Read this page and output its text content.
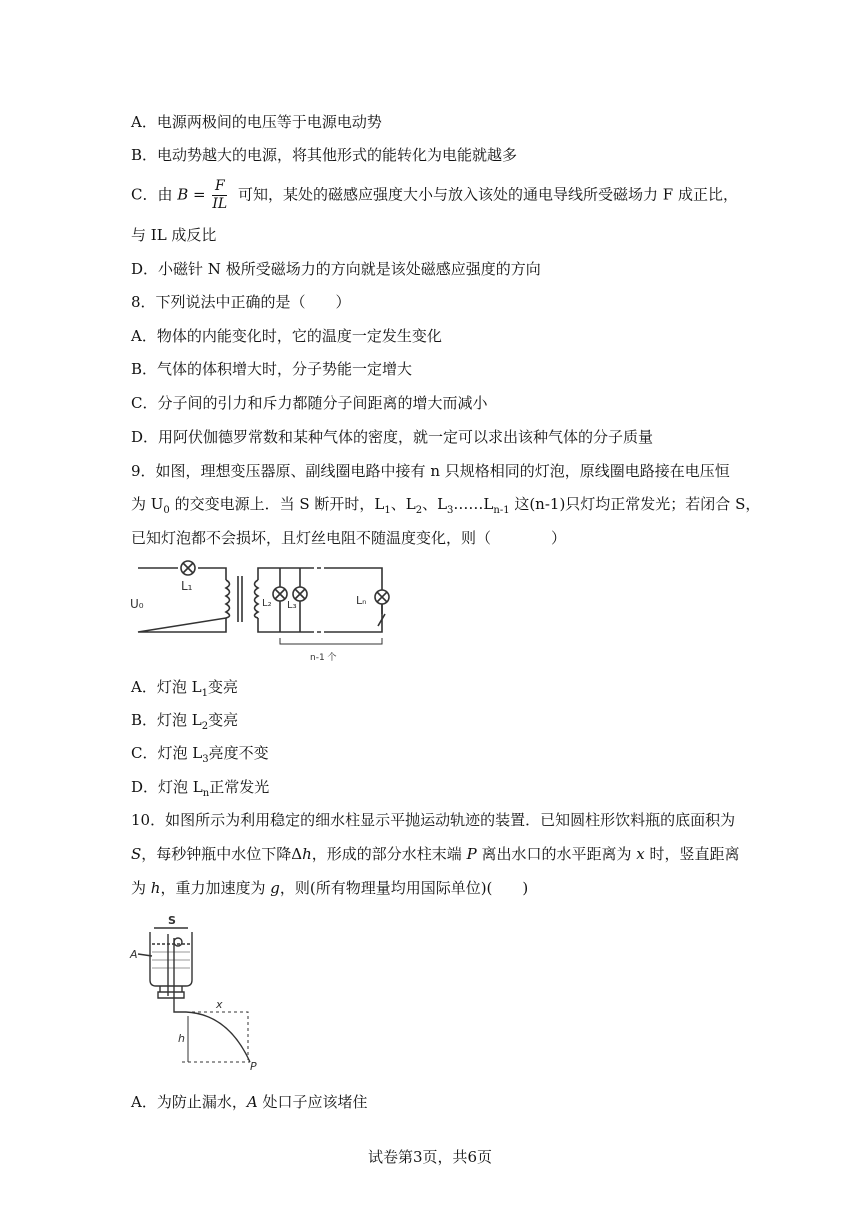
A．电源两极间的电压等于电源电动势
B．电动势越大的电源，将其他形式的能转化为电能就越多
C．由 $B = \frac{F}{IL}$ 可知，某处的磁感应强度大小与放入该处的通电导线所受磁场力 F 成正比，
与 IL 成反比
D．小磁针 N 极所受磁场力的方向就是该处磁感应强度的方向
8．下列说法中正确的是（　　）
A．物体的内能变化时，它的温度一定发生变化
B．气体的体积增大时，分子势能一定增大
C．分子间的引力和斥力都随分子间距离的增大而减小
D．用阿伏伽德罗常数和某种气体的密度，就一定可以求出该种气体的分子质量
9．如图，理想变压器原、副线圈电路中接有 n 只规格相同的灯泡，原线圈电路接在电压恒
为 $U_0$ 的交变电源上．当 S 断开时，$L_1$、$L_2$、$L_3\dots\dots L_{n-1}$ 这(n-1)只灯均正常发光；若闭合 S，
已知灯泡都不会损坏，且灯丝电阻不随温度变化，则（　　　　）
U₀
L₁
L₂ L₃	Lₙ
n-1 个
A．灯泡 $L_1$变亮
B．灯泡 $L_2$变亮
C．灯泡 $L_3$亮度不变
D．灯泡 $L_n$正常发光
10．如图所示为利用稳定的细水柱显示平抛运动轨迹的装置．已知圆柱形饮料瓶的底面积为
S，每秒钟瓶中水位下降Δh，形成的部分水柱末端 P 离出水口的水平距离为 x 时，竖直距离
为 h，重力加速度为 g，则(所有物理量均用国际单位)(　　)
S
A
x
h
P
A．为防止漏水，A 处口子应该堵住
试卷第3页，共6页
